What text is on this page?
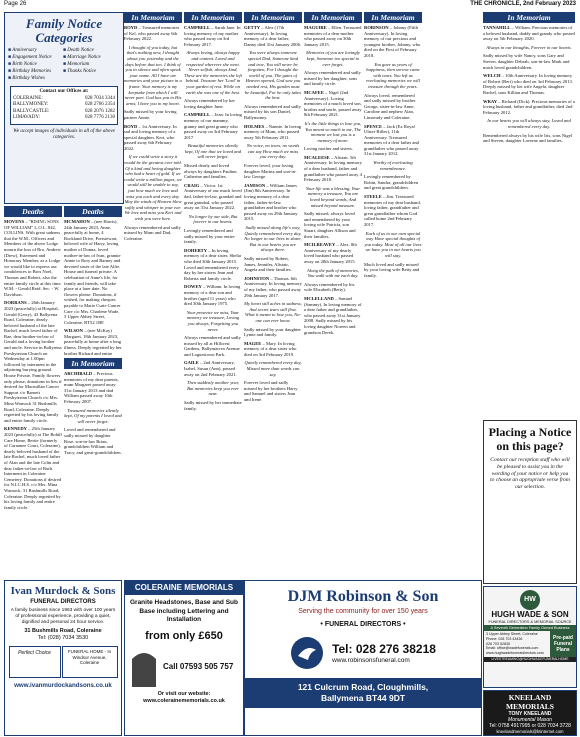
Page 26	THE CHRONICLE, 2nd February 2023
Family Notice Categories
■ Anniversary	■ Death Notice
■ Engagement Notice	■ Marriage Notice
■ Birth Notice	■ Memoriam
■ Birthday Memories	■ Thanks Notice
■ Birthday Wishes
Contact our Offices at:
COLERAINE:	028 7034 3344
BALLYMONEY:	028 2766 2354
BALLYCASTLE:	028 2076 1282
LIMAVADY:	028 7776 2130
We accept images of individuals in all of the above categories.
Deaths
MOVENS – "RISING SONS OF WILLIAM" L.O.L. 842, COLLINS. With great sadness that the W.M., Officers and Members of the above Lodge mourn the loss of Bro. Andrew (Drew), Esteemed and Honorary Member, as a Lodge we would like to express our condolences to Bros Noel, Thomas and Robert, also the entire family circle at this time. W.M. - Gerald Reid. Sec. - W. Davidson.
DORRANS – 26th January 2023 (peacefully) at Hospital, Gerald (Gerry), 43 Ballyrena Road, Coleraine, dearly beloved husband of the late Rachel, much loved father of Rae, dear brother-in-law of Gerald and a loving brother and uncle. Service in Ballyrena Presbyterian Church on Wednesday at 1.00pm followed by interment in the adjoining burying ground. House Private. Family flowers only please, donations in lieu if desired for Macmillan Cancer Support c/o Barnett Presbyterian Church c/o Mrs. Mina Warnock 31 Bushmills Road, Coleraine. Deeply regretted by his loving family and entire family circle.
KENNEDY – 25th January 2023 (peacefully) at The Bohill Care Home, Bertie (formerly of Carnanee Court, Coleraine), dearly beloved husband of the late Rachel, much loved father of Alan and the late Colin and dear father-in-law of Ruth. Interment in Coleraine Cemetery. Donations if desired for N.I.C.H.S. c/o Mrs. Mina Warnock, 31 Bushmills Road, Coleraine. Deeply regretted by his loving family and entire family circle.
Deaths
MCMAHON – (nee Harris), 24th January 2023, Anne, peacefully at home, 4 Rockland Drive, Portstewart, beloved wife of Harry, loving mother of Donna, loved mother-in-law of Ivan, grannie Annie to Rory and Barney and devoted sister of the late Alfie. House and funeral private. A celebration of Anne's life, for family and friends, will take place at a later date. No flowers please. Donations, if wished, for making cheques payable to Marie Curie Cancer Care c/o Mrs. Charlene Wade, 3 Upper Abbey Street, Coleraine, BT52 1BF.
WILSON – (nee McKay) Margaret, 18th January 2023, peacefully at home after a long illness. Deeply regretted by her brother Richard and entire
In Memoriam
ARCHIBALD – Precious memories of my dear parents, mum Margaret passed away 31st January 2013 and dad William passed away 10th February 2007.
Treasured memories silently kept, Of my parents I loved and will never forget.
Loved and remembered and sadly missed by daughter Rose, son-in-law Brian, grandchildren William and Tracy, and great-grandchildren.
In Memoriam
BOYD – Treasured memories of Kel, who passed away 6th February 2022.
I thought of you today, but that's nothing new, I thought about you yesterday and the days before that too. I think of you in silence and often speak your name. All I have are memories and your picture in a frame. Your memory is my keepsake from which I will never part. God has you in His arms, I have you in my heart.
Sadly missed by your loving partner Annie.
BOYD – 1st Anniversary. In sad and loving memory of a special daughter, Keri, who passed away 6th February 2022.
If we could write a story it would be the greatest ever told. Of a kind and loving daughter who had a heart of gold. If we could write a million pages, we would still be unable to say, just how much we love and miss you each and every day. May the winds of Heaven blow softly and whisper in your ear. We love and miss you Keri and wish you were here.
Always remembered and sadly missed by Mum and Dad, Coleraine.
In Memoriam
CAMPBELL – Sarah Jane. In loving memory of my mother who passed away on 3rd February 2017.
Always loving, always happy and content. Loved and respected wherever she went. Never selfish, always kind, These are the memories she left behind. Treasure her 'Lord' in your garden of rest. While on earth she was one of the best.
Always remembered by her loving daughter June.
CAMPBELL – Jean. In loving memory of our mammy, granny and great granny who passed away on 3rd February 2017.
Beautiful memories silently kept, Of one that we loved and will never forget.
Missed dearly and loved always by daughters Pauline, Catherine and families.
CRAIG – Victor. 1st Anniversary of our much loved dad, father-in-law, grandad and great grandad, who passed away on 31st January 2022.
No longer by our side, But forever in our hearts.
Lovingly remembered and sadly missed by your entire family.
DOHERTY – In loving memory of a dear sister, Shelia who died 30th January 2015. Loved and remembered every day by her sisters Jean and Roberta and family circle.
DOWEY – William. In loving memory of a dear son and brother (aged 11 years) who died 30th January 1975.
Your presence we miss, Your memory we treasure, Loving you always, Forgetting you never.
Always remembered and sadly missed by all at Hillcrest Gardens, Ballymacrea Avenue and Loguestown Park.
GAILE – 2nd Anniversary. Isabel, Susan (Ann), passed away on 2nd February 2021.
Then suddenly another year, But memories keep you ever near.
Sadly missed by her immediate family.
In Memoriam
GETTY – Alex (17th Anniversary). In loving memory of a dear father, Danny died 31st January 2006.
You were always someone special Dad, Someone kind and true, You will never be forgotten, For I thought the world of you. The gates of Heaven opened, God saw you needed rest, His garden must be beautiful, For he only takes the best.
Always remembered and sadly missed by his son Daniel, Ballymoney.
HOLMES – Nannie. In loving memory of Mum, who passed away 5th February 2011.
No voice, no tears, no words can say How much we miss you every day.
Forever loved, your loving daughter Marina and son-in-law George.
JAMISON – William James (Jim) 8th Anniversary. In loving memory of a dear father, father-in-law, grandfather and brother who passed away on 29th January 2015.
Sadly missed along life's way, Quietly remembered every day. No longer in our lives to share, But in our hearts you are always there.
Sadly missed by Robert, James, Jennifer, Alistair, Angela and their families.
JOHNSTON – Thomas. 6th Anniversary. In loving memory of my father, who passed away 29th January 2017.
My heart still aches in sadness, And secret tears still flow. What it meant to lose you, No-one can ever know.
Sadly missed by your daughter Lynne and family.
MAGEE – Mary. In loving memory of a dear sister who died on 3rd February 2019.
Quietly remembered every day, Missed more than words can say.
Forever loved and sadly missed by her brothers Harry and Samuel and sisters Jean and Irene.
In Memoriam
MAGUIRE – Ellen. Treasured memories of a dear mother who passed away on 30th January 2015.
Memories of you are lovingly kept, Someone too special to ever forget.
Always remembered and sadly missed by her daughter, sons and family circle.
MCAFEE – Nigel (2nd Anniversary). Loving memories of a much loved son, brother and uncle, passed away 8th February 2021.
It's the little things to lose you, You meant so much to me, The moment we lost you is a memory of more.
Loving mother and sisters.
MCALEESE – Alistair. 5th Anniversary. In loving memory of a dear husband, father and grandfather who passed away 4 February 2018.
Your life was a blessing, Your memory a treasure, You are loved beyond words, And missed beyond measure.
Sadly missed, always loved and remembered by your loving wife Patricia, son Stuart, daughter Allison and their families.
MCILREAVEY – Alex. 8th Anniversary of my dearly loved husband who passed away on 28th January 2015.
Along the path of memories, You walk with me each day.
Always remembered by his wife Elizabeth (Betty).
MCLELLAND – Samuel (Sammy). In loving memory of a dear father and grandfather, who passed away 31st January 2008. Sadly missed by his loving daughter Noreen and grandson Derek.
In Memoriam
ROBINSON – Johnny (Fifth Anniversary). In loving memory of our precious and youngest brother, Johnny, who died on the First of February 2018.
You gave us years of happiness, then sorrow came with tears. You left us everlasting memories we will treasure through the years.
Always loved, remembered and sadly missed by brother George, sister-in-law Anne, Caroline and nephew Alan, Limavady and Coleraine.
SPENCE – Jack (Ex Royal Ulster Rifles), 11th Anniversary. Treasured memories of a dear father and grandfather who passed away 31st January 2012.
Worthy of everlasting remembrance.
Lovingly remembered by Robin, Sandra, grandchildren and great grandchildren.
STEELE – Jim. Treasured memories of my dear husband, loving father, grandfather and great grandfather whom God called home 2nd February 2017.
Each of us in our own special way Have special thoughts of you today. Most of all our lives we have you in our hearts you will stay.
Much loved and sadly missed by your loving wife Betty and family.
In Memoriam
TANNAHILL – William. Precious memories of a beloved husband, daddy and grandy who passed away on 5th February 2020.
Always in our thoughts, Forever in our hearts.
Sadly missed by wife Nancy, sons Gary and Steven, daughter Debrah, son-in-law Mark and much loved grandchildren.
WELCH – 10th Anniversary. In loving memory of Robert (Bert) who died on 3rd February 2013. Deeply missed by his wife Angela, daughter Rachel, sons Killian and Thomas.
WRAY – Richard (Dick). Precious memories of a loving husband, father and grandfather, died 2nd February 2012.
In our hearts you will always stay, Loved and remembered every day.
Remembered always by his wife Iris, sons Nigel and Steven, daughter Laverne and families.
Placing a Notice on this page?

Contact our reception staff who will be pleased to assist you in the wording of your notice or help you to choose an appropriate verse from our selection.

Ivan Murdock & Sons
FUNERAL DIRECTORS
A family business since 1963 with over 100 years of professional experience, providing a quiet, dignified and personal 24 hour service.
31 Bushmills Road, Coleraine
Tel: (028) 7034 3530
Perfect Choice	FUNERAL HOME - In Windsor Avenue, Coleraine
www.ivanmurdockandsons.co.uk
COLERAINE MEMORIALS
Granite Headstones, Base and Sub Base including Lettering and Installation
from only £650
Call 07593 505 757
Or visit our website: www.colerainememorials.co.uk
DJM Robinson & Son
Serving the community for over 150 years
• FUNERAL DIRECTORS •
Tel: 028 276 38218
www.robinsonsfuneral.com
121 Culcrum Road, Cloughmills,
Ballymena BT44 9DT
HW
HUGH WADE & SON
FUNERAL DIRECTORS & MEMORIAL SOURCE
A Seventh Generation Family Owned Business
3 Upper Abbey Street, Coleraine
Phone: 028 703 43436
028 703 52835
Email: office@wadefunerals.com
www.hughwadefuneraldirectors.com
Pre-paid Funeral Plans
LIVESTREAMING@HUGHWADEFUNERALHOME
KNEELAND MEMORIALS
TONY KNEELAND
Monumental Mason
Tel: 0758 4917995 or 028 7034 3728
kneelandmemorials@btinternet.com
